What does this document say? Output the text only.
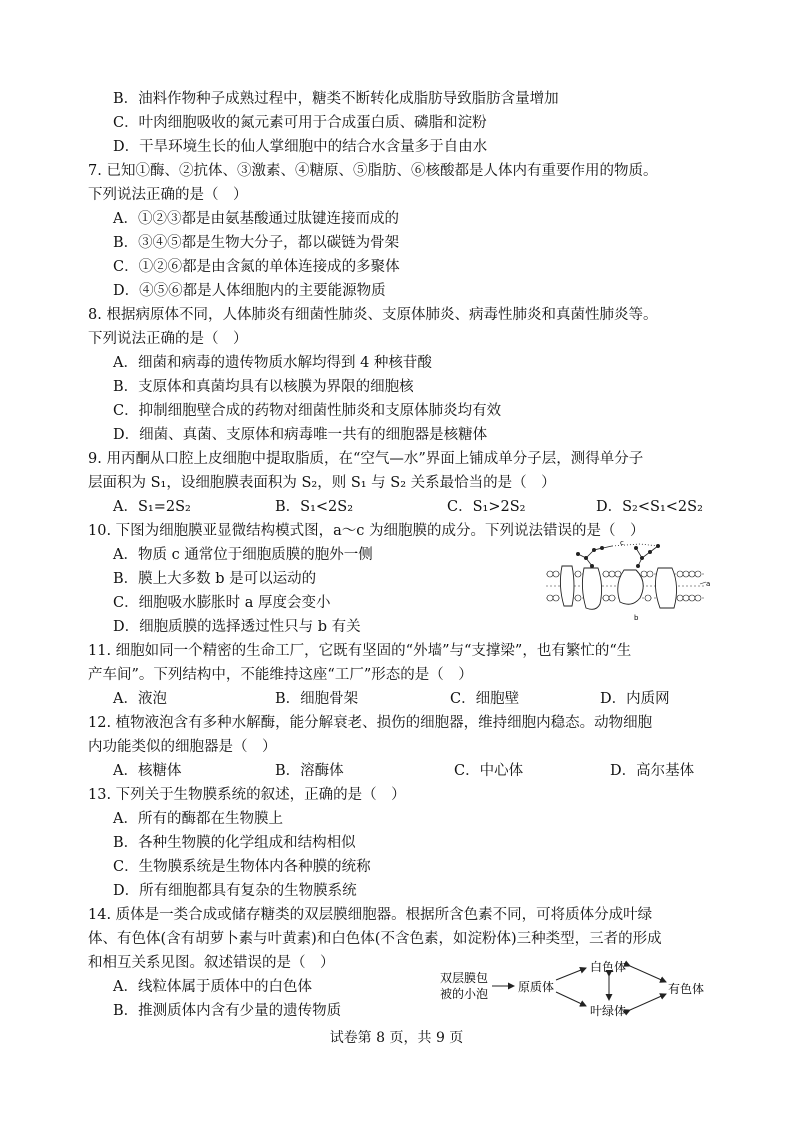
B．油料作物种子成熟过程中，糖类不断转化成脂肪导致脂肪含量增加
C．叶肉细胞吸收的氮元素可用于合成蛋白质、磷脂和淀粉
D．干旱环境生长的仙人掌细胞中的结合水含量多于自由水
7. 已知①酶、②抗体、③激素、④糖原、⑤脂肪、⑥核酸都是人体内有重要作用的物质。
下列说法正确的是（　）
A．①②③都是由氨基酸通过肽键连接而成的
B．③④⑤都是生物大分子，都以碳链为骨架
C．①②⑥都是由含氮的单体连接成的多聚体
D．④⑤⑥都是人体细胞内的主要能源物质
8. 根据病原体不同，人体肺炎有细菌性肺炎、支原体肺炎、病毒性肺炎和真菌性肺炎等。
下列说法正确的是（　）
A．细菌和病毒的遗传物质水解均得到 4 种核苷酸
B．支原体和真菌均具有以核膜为界限的细胞核
C．抑制细胞壁合成的药物对细菌性肺炎和支原体肺炎均有效
D．细菌、真菌、支原体和病毒唯一共有的细胞器是核糖体
9. 用丙酮从口腔上皮细胞中提取脂质，在“空气—水”界面上铺成单分子层，测得单分子
层面积为 S₁，设细胞膜表面积为 S₂，则 S₁ 与 S₂ 关系最恰当的是（　）
A．S₁=2S₂	B．S₁<2S₂	C．S₁>2S₂	D．S₂<S₁<2S₂
10. 下图为细胞膜亚显微结构模式图，a～c 为细胞膜的成分。下列说法错误的是（　）
A．物质 c 通常位于细胞质膜的胞外一侧
B．膜上大多数 b 是可以运动的
C．细胞吸水膨胀时 a 厚度会变小
D．细胞质膜的选择透过性只与 b 有关
c
a
b
11. 细胞如同一个精密的生命工厂，它既有坚固的“外墙”与“支撑梁”，也有繁忙的“生
产车间”。下列结构中，不能维持这座“工厂”形态的是（　）
A．液泡	B．细胞骨架	C．细胞壁	D．内质网
12. 植物液泡含有多种水解酶，能分解衰老、损伤的细胞器，维持细胞内稳态。动物细胞
内功能类似的细胞器是（　）
A．核糖体	B．溶酶体	C．中心体	D．高尔基体
13. 下列关于生物膜系统的叙述，正确的是（　）
A．所有的酶都在生物膜上
B．各种生物膜的化学组成和结构相似
C．生物膜系统是生物体内各种膜的统称
D．所有细胞都具有复杂的生物膜系统
14. 质体是一类合成或储存糖类的双层膜细胞器。根据所含色素不同，可将质体分成叶绿
体、有色体(含有胡萝卜素与叶黄素)和白色体(不含色素，如淀粉体)三种类型，三者的形成
和相互关系见图。叙述错误的是（　）
A．线粒体属于质体中的白色体
B．推测质体内含有少量的遗传物质
双层膜包
被的小泡 原质体
白色体
叶绿体
有色体
试卷第 8 页，共 9 页
